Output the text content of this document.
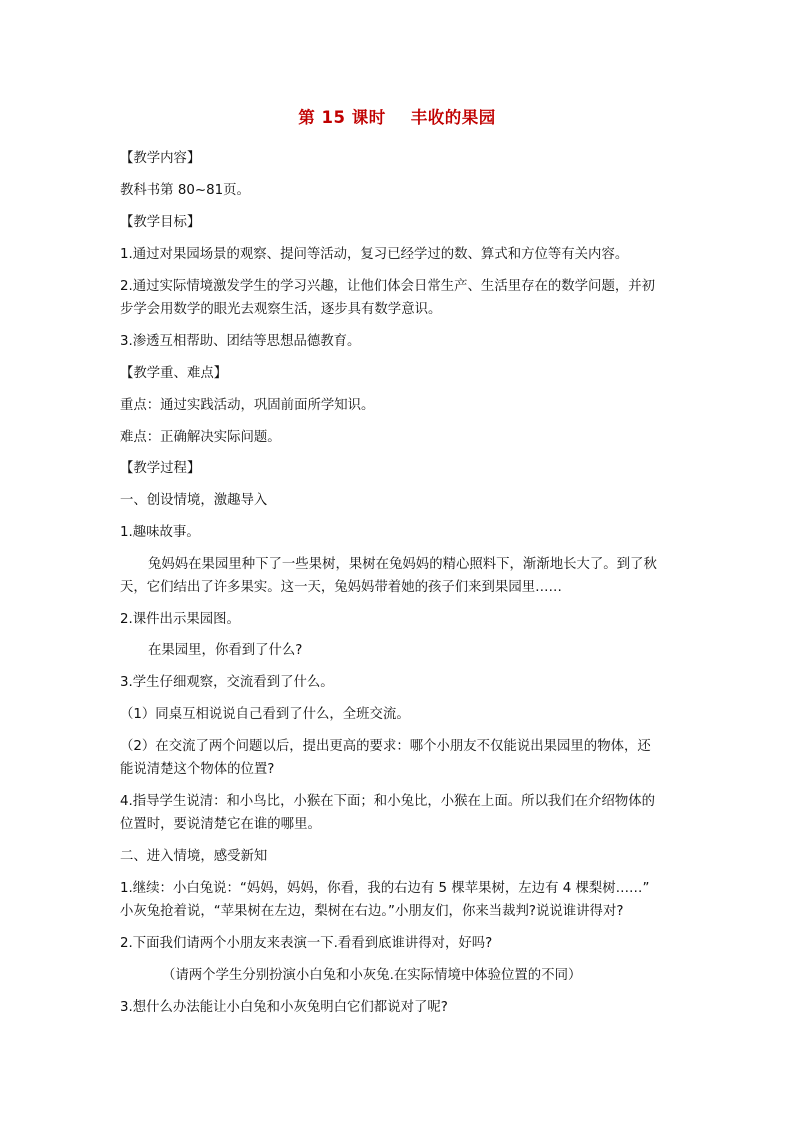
第 15 课时    丰收的果园
【教学内容】
教科书第 80~81页。
【教学目标】
1.通过对果园场景的观察、提问等活动，复习已经学过的数、算式和方位等有关内容。
2.通过实际情境激发学生的学习兴趣，让他们体会日常生产、生活里存在的数学问题，并初
步学会用数学的眼光去观察生活，逐步具有数学意识。
3.渗透互相帮助、团结等思想品德教育。
【教学重、难点】
重点：通过实践活动，巩固前面所学知识。
难点：正确解决实际问题。
【教学过程】
一、创设情境，激趣导入
1.趣味故事。
兔妈妈在果园里种下了一些果树，果树在兔妈妈的精心照料下，渐渐地长大了。到了秋
天，它们结出了许多果实。这一天，兔妈妈带着她的孩子们来到果园里……
2.课件出示果园图。
在果园里，你看到了什么?
3.学生仔细观察，交流看到了什么。
（1）同桌互相说说自己看到了什么，全班交流。
（2）在交流了两个问题以后，提出更高的要求：哪个小朋友不仅能说出果园里的物体，还
能说清楚这个物体的位置?
4.指导学生说清：和小鸟比，小猴在下面；和小兔比，小猴在上面。所以我们在介绍物体的
位置时，要说清楚它在谁的哪里。
二、进入情境，感受新知
1.继续：小白兔说：“妈妈，妈妈，你看，我的右边有 5 棵苹果树，左边有 4 棵梨树……”
小灰兔抢着说，“苹果树在左边，梨树在右边。”小朋友们，你来当裁判?说说谁讲得对?
2.下面我们请两个小朋友来表演一下.看看到底谁讲得对，好吗?
（请两个学生分别扮演小白兔和小灰兔.在实际情境中体验位置的不同）
3.想什么办法能让小白兔和小灰兔明白它们都说对了呢?
